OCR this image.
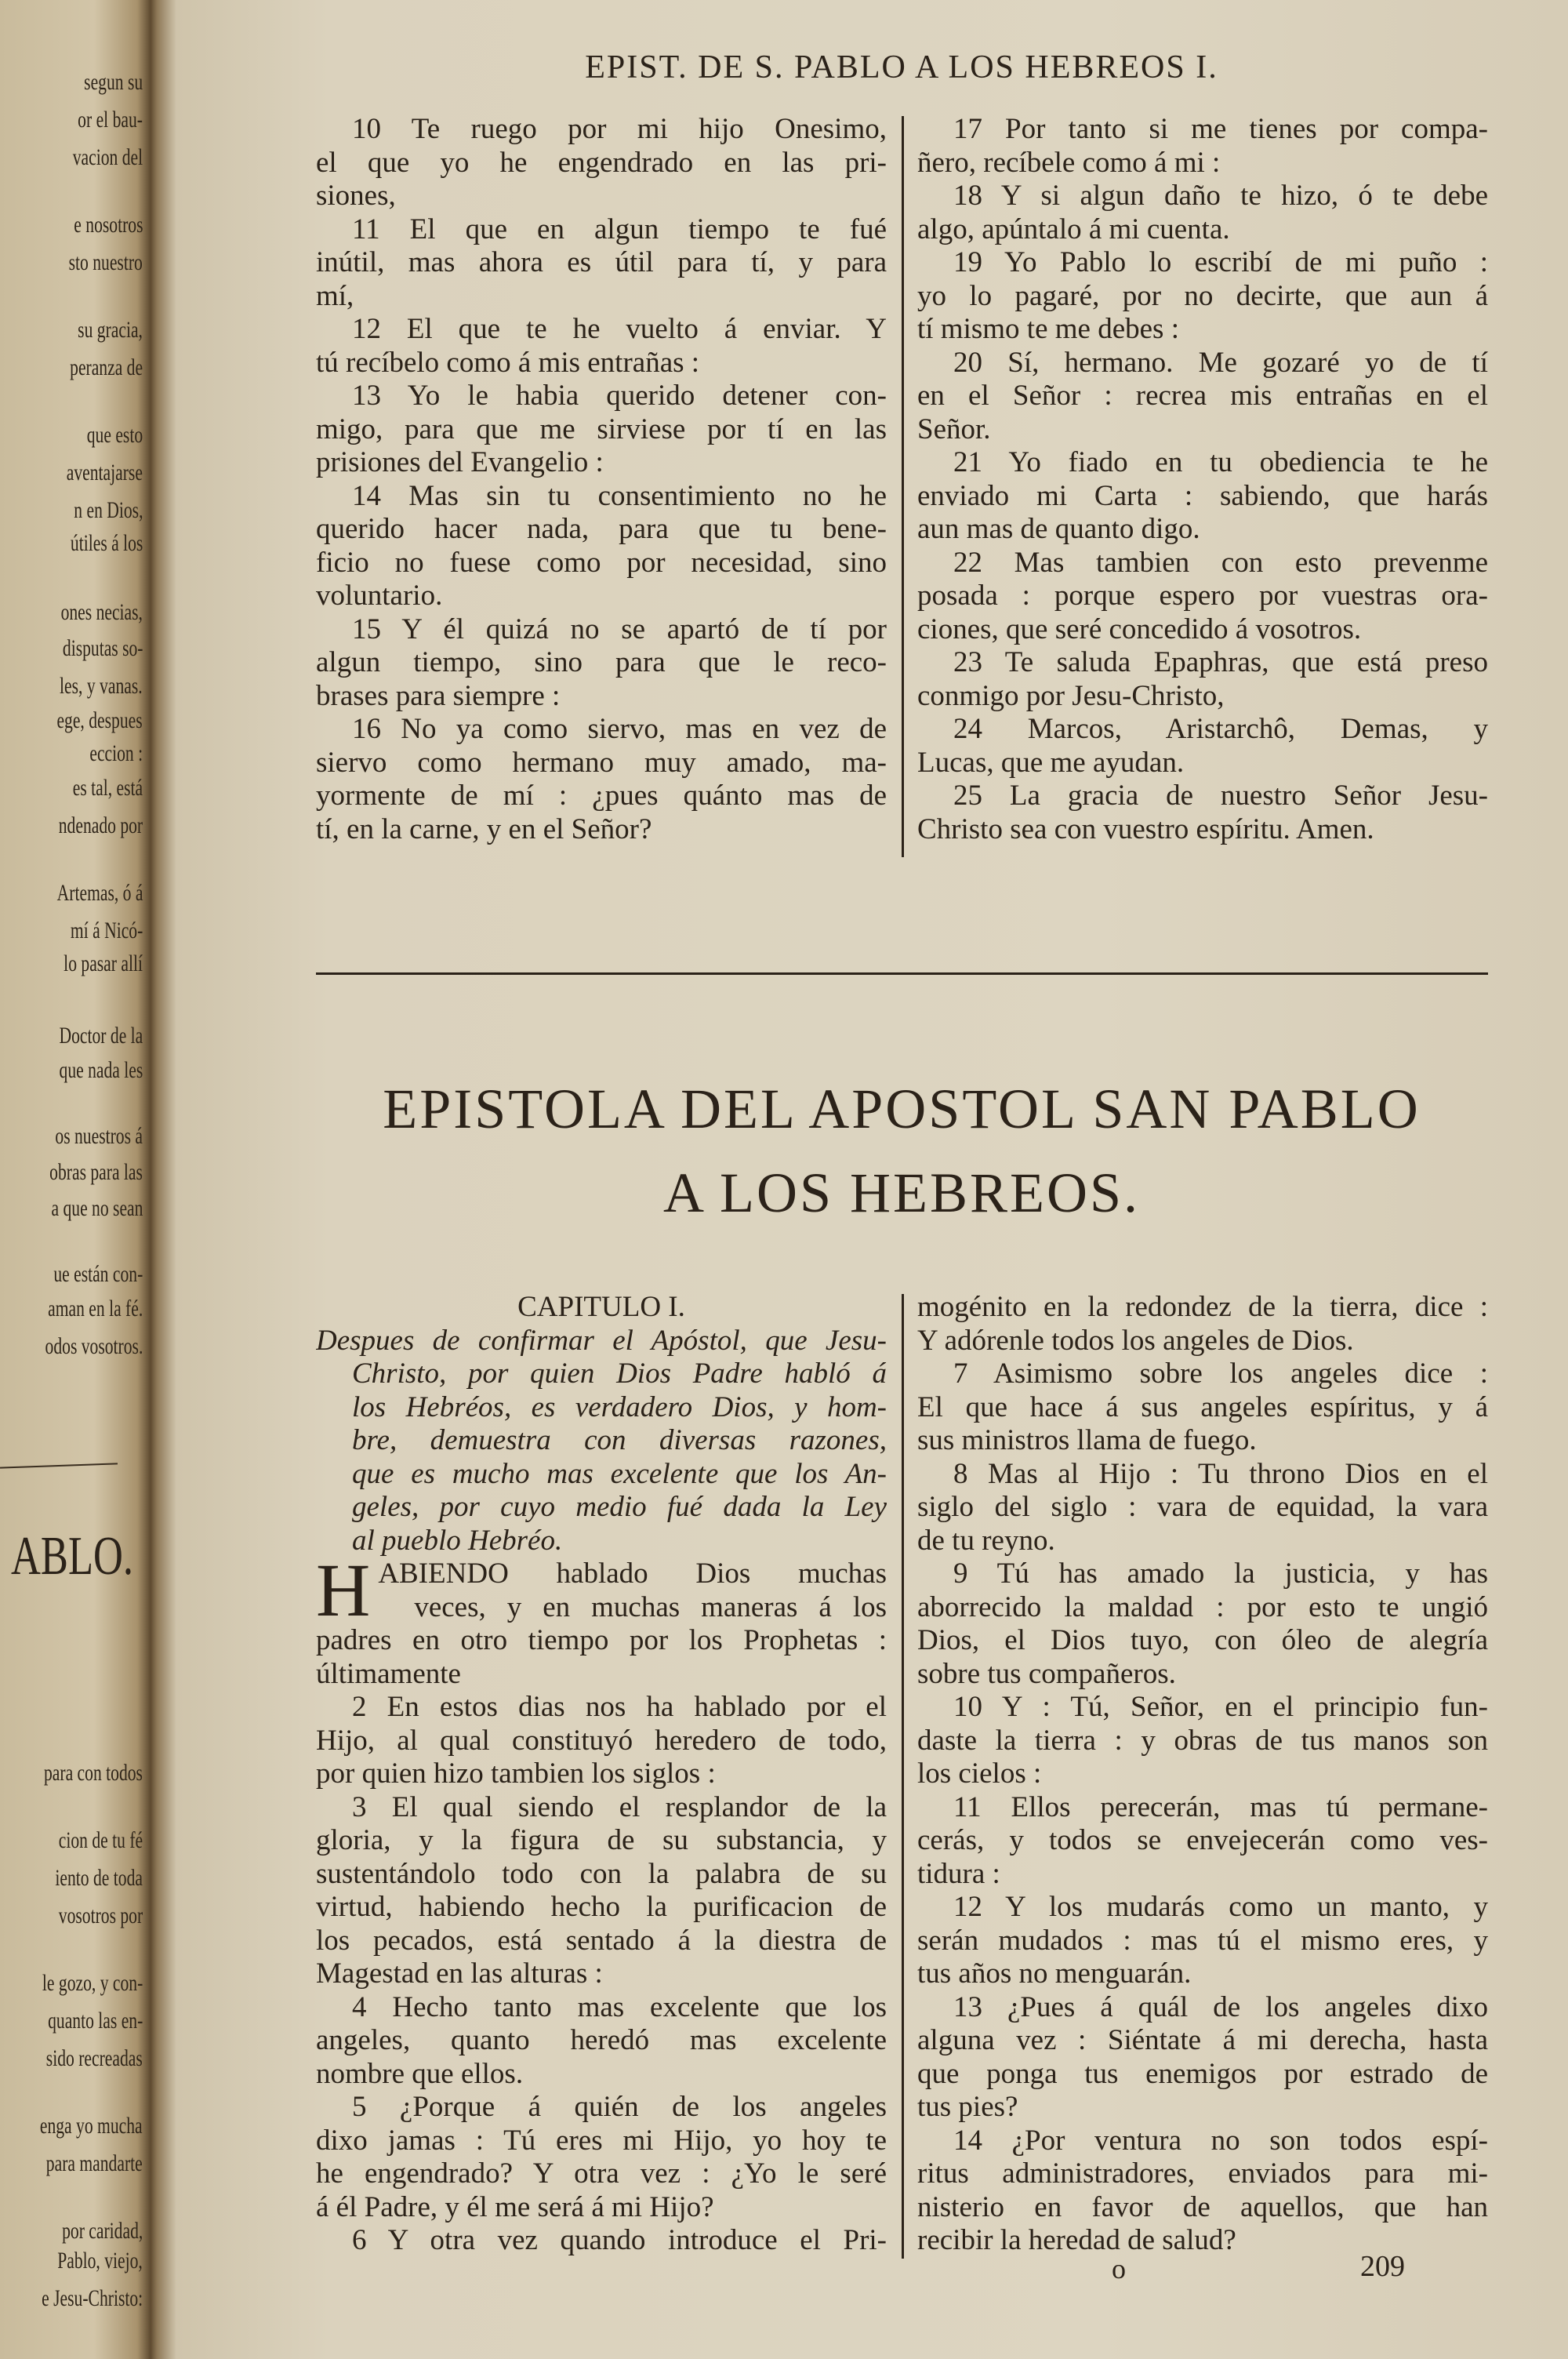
ABLO.
segun su
or el bau-
vacion del
e nosotros
sto nuestro
su gracia,
peranza de
que esto
aventajarse
n en Dios,
útiles á los
ones necias,
disputas so-
les, y vanas.
ege, despues
eccion :
es tal, está
ndenado por
Artemas, ó á
mí á Nicó-
lo pasar allí
Doctor de la
que nada les
os nuestros á
obras para las
a que no sean
ue están con-
aman en la fé.
odos vosotros.
para con todos
cion de tu fé
iento de toda
vosotros por
le gozo, y con-
quanto las en-
sido recreadas
enga yo mucha
para mandarte
por caridad,
Pablo, viejo,
e Jesu-Christo:
EPIST. DE S. PABLO A LOS HEBREOS I.
10 Te ruego por mi hijo Onesimo,
el que yo he engendrado en las pri-
siones,
11 El que en algun tiempo te fué
inútil, mas ahora es útil para tí, y para
mí,
12 El que te he vuelto á enviar. Y
tú recíbelo como á mis entrañas :
13 Yo le habia querido detener con-
migo, para que me sirviese por tí en las
prisiones del Evangelio :
14 Mas sin tu consentimiento no he
querido hacer nada, para que tu bene-
ficio no fuese como por necesidad, sino
voluntario.
15 Y él quizá no se apartó de tí por
algun tiempo, sino para que le reco-
brases para siempre :
16 No ya como siervo, mas en vez de
siervo como hermano muy amado, ma-
yormente de mí : ¿pues quánto mas de
tí, en la carne, y en el Señor?
17 Por tanto si me tienes por compa-
ñero, recíbele como á mi :
18 Y si algun daño te hizo, ó te debe
algo, apúntalo á mi cuenta.
19 Yo Pablo lo escribí de mi puño :
yo lo pagaré, por no decirte, que aun á
tí mismo te me debes :
20 Sí, hermano. Me gozaré yo de tí
en el Señor : recrea mis entrañas en el
Señor.
21 Yo fiado en tu obediencia te he
enviado mi Carta : sabiendo, que harás
aun mas de quanto digo.
22 Mas tambien con esto prevenme
posada : porque espero por vuestras ora-
ciones, que seré concedido á vosotros.
23 Te saluda Epaphras, que está preso
conmigo por Jesu-Christo,
24 Marcos, Aristarchô, Demas, y
Lucas, que me ayudan.
25 La gracia de nuestro Señor Jesu-
Christo sea con vuestro espíritu. Amen.
EPISTOLA DEL APOSTOL SAN PABLO
A LOS HEBREOS.
CAPITULO I.
Despues de confirmar el Apóstol, que Jesu-
Christo, por quien Dios Padre habló á
los Hebréos, es verdadero Dios, y hom-
bre, demuestra con diversas razones,
que es mucho mas excelente que los An-
geles, por cuyo medio fué dada la Ley
al pueblo Hebréo.
HABIENDO hablado Dios muchas
veces, y en muchas maneras á los
padres en otro tiempo por los Prophetas :
últimamente
2 En estos dias nos ha hablado por el
Hijo, al qual constituyó heredero de todo,
por quien hizo tambien los siglos :
3 El qual siendo el resplandor de la
gloria, y la figura de su substancia, y
sustentándolo todo con la palabra de su
virtud, habiendo hecho la purificacion de
los pecados, está sentado á la diestra de
Magestad en las alturas :
4 Hecho tanto mas excelente que los
angeles, quanto heredó mas excelente
nombre que ellos.
5 ¿Porque á quién de los angeles
dixo jamas : Tú eres mi Hijo, yo hoy te
he engendrado? Y otra vez : ¿Yo le seré
á él Padre, y él me será á mi Hijo?
6 Y otra vez quando introduce el Pri-
mogénito en la redondez de la tierra, dice :
Y adórenle todos los angeles de Dios.
7 Asimismo sobre los angeles dice :
El que hace á sus angeles espíritus, y á
sus ministros llama de fuego.
8 Mas al Hijo : Tu throno Dios en el
siglo del siglo : vara de equidad, la vara
de tu reyno.
9 Tú has amado la justicia, y has
aborrecido la maldad : por esto te ungió
Dios, el Dios tuyo, con óleo de alegría
sobre tus compañeros.
10 Y : Tú, Señor, en el principio fun-
daste la tierra : y obras de tus manos son
los cielos :
11 Ellos perecerán, mas tú permane-
cerás, y todos se envejecerán como ves-
tidura :
12 Y los mudarás como un manto, y
serán mudados : mas tú el mismo eres, y
tus años no menguarán.
13 ¿Pues á quál de los angeles dixo
alguna vez : Siéntate á mi derecha, hasta
que ponga tus enemigos por estrado de
tus pies?
14 ¿Por ventura no son todos espí-
ritus administradores, enviados para mi-
nisterio en favor de aquellos, que han
recibir la heredad de salud?
o	209
